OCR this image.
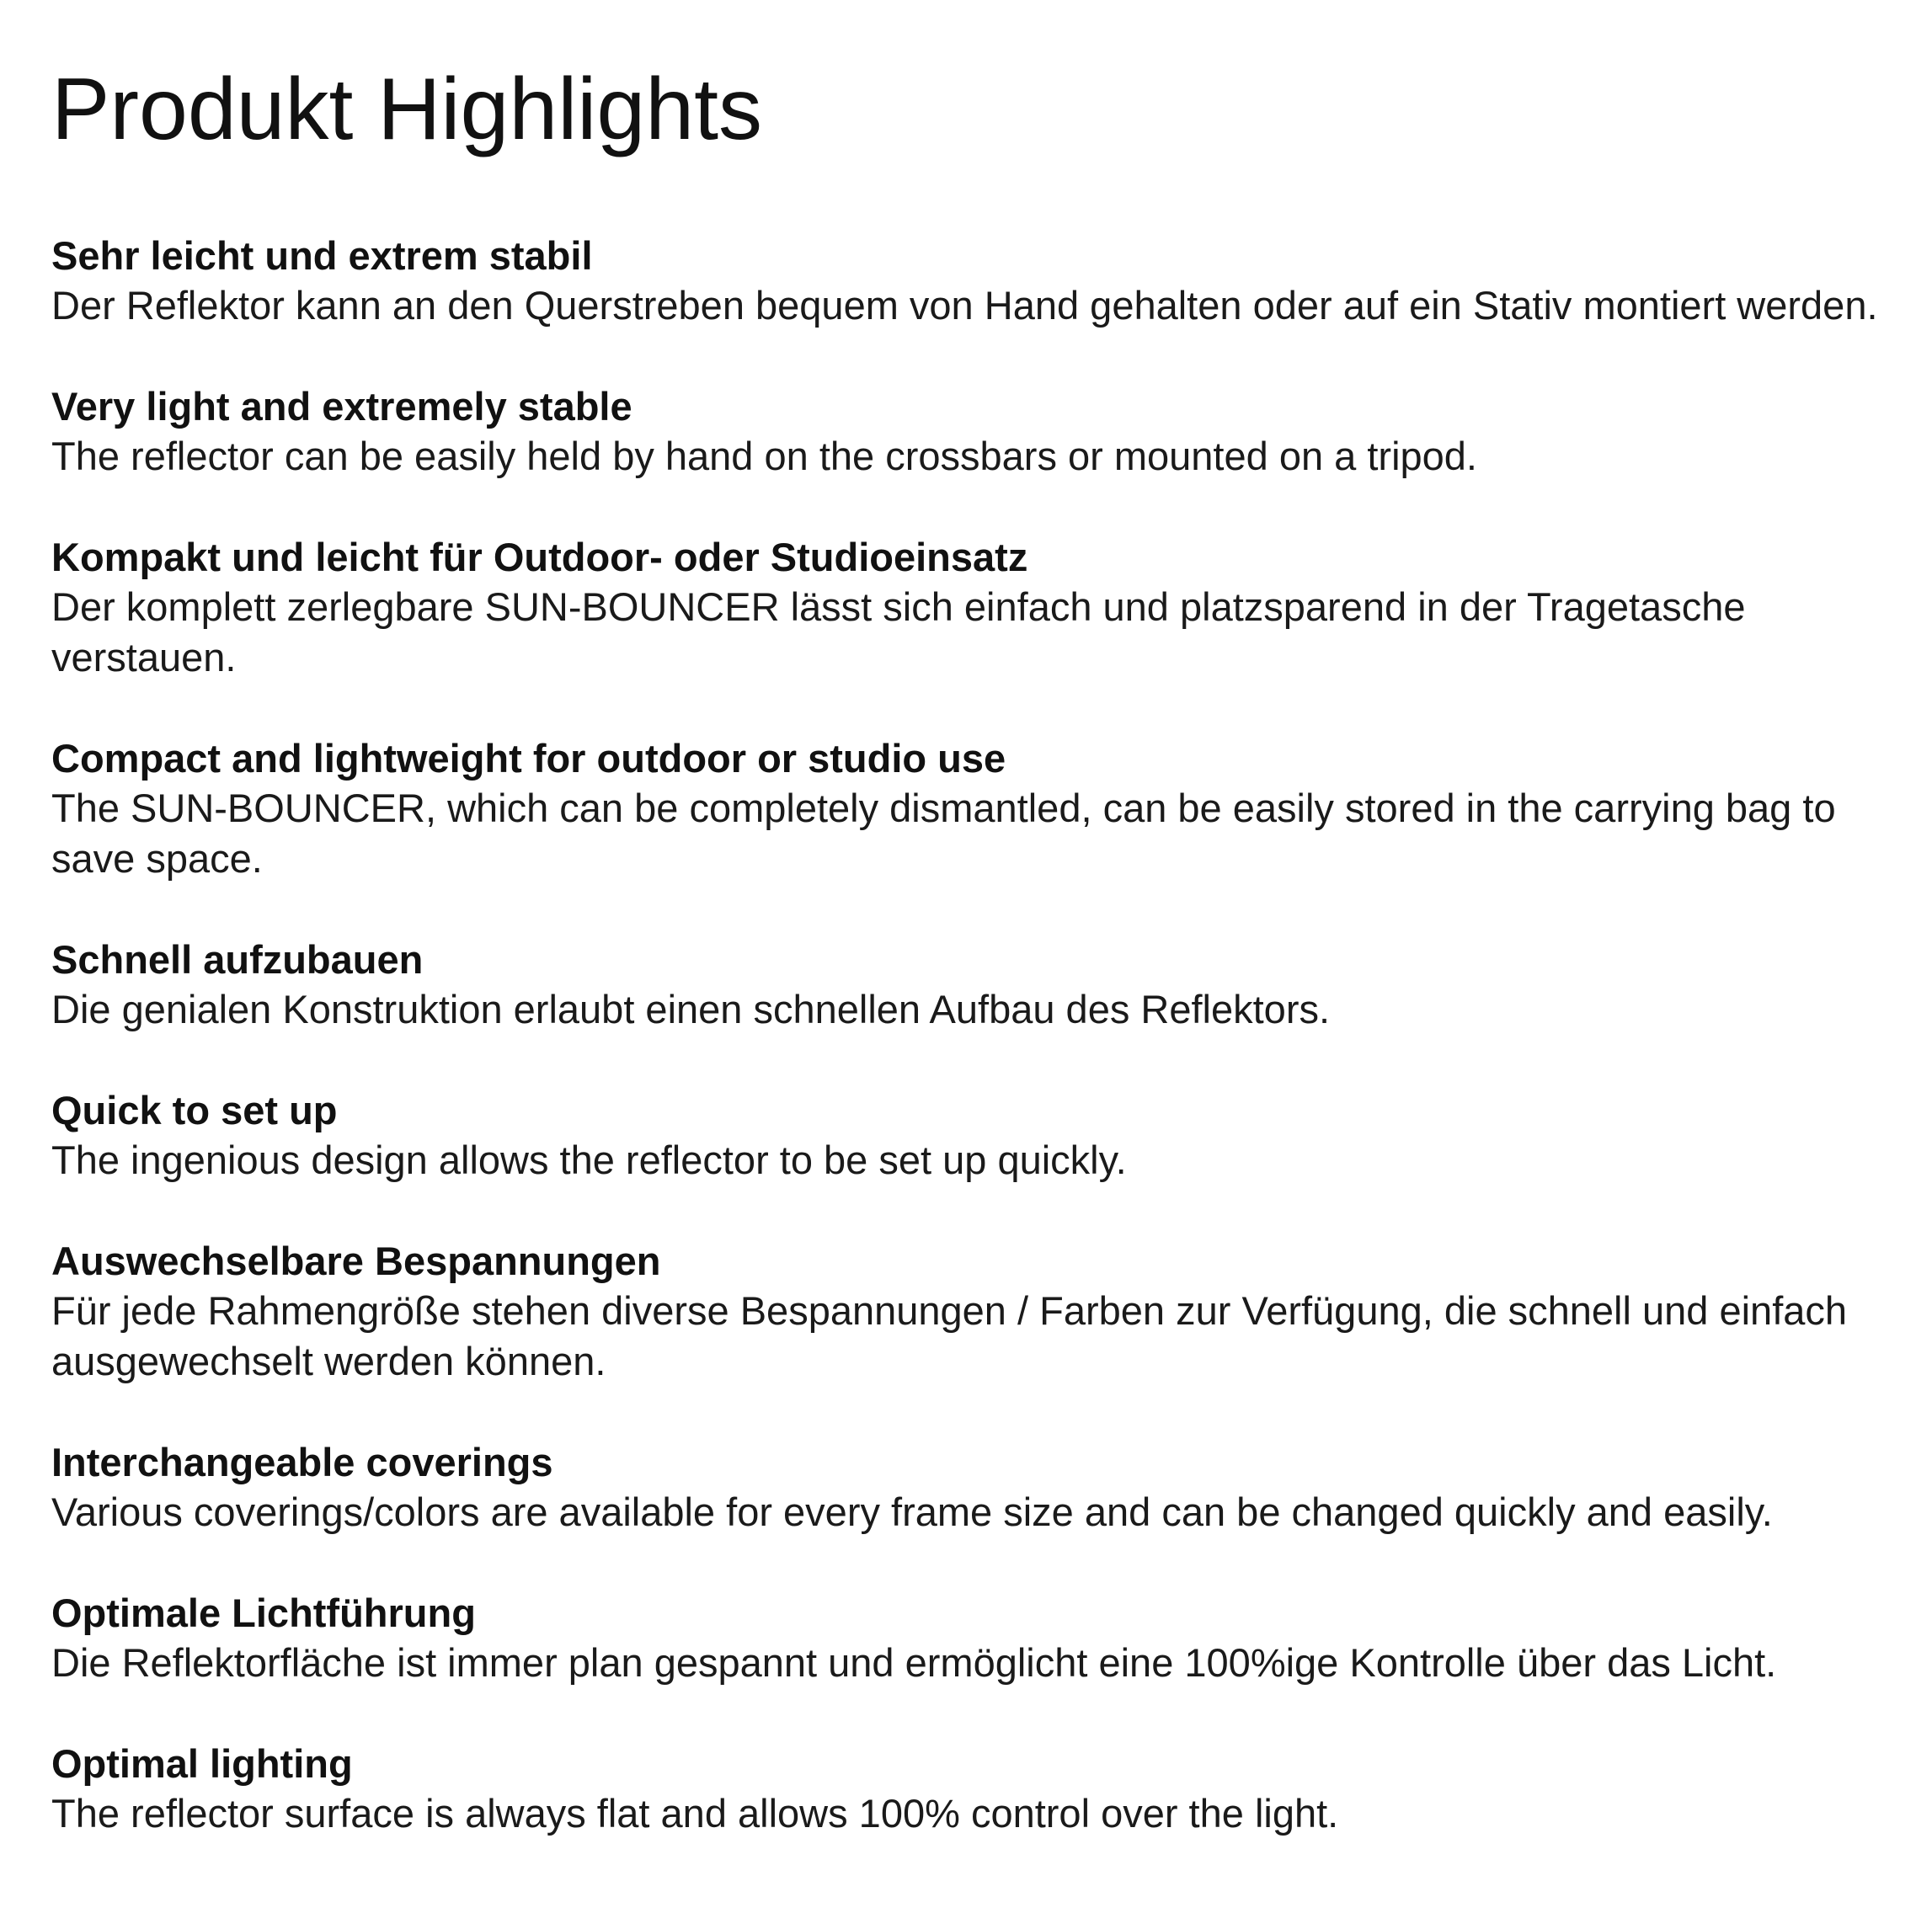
Produkt Highlights

Sehr leicht und extrem stabil

Der Reflektor kann an den Querstreben bequem von Hand gehalten oder auf ein Stativ montiert werden.

Very light and extremely stable

The reflector can be easily held by hand on the crossbars or mounted on a tripod.

Kompakt und leicht für Outdoor- oder Studioeinsatz

Der komplett zerlegbare SUN-BOUNCER lässt sich einfach und platzsparend in der Tragetasche verstauen.

Compact and lightweight for outdoor or studio use

The SUN-BOUNCER, which can be completely dismantled, can be easily stored in the carrying bag to save space.

Schnell aufzubauen

Die genialen Konstruktion erlaubt einen schnellen Aufbau des Reflektors.

Quick to set up

The ingenious design allows the reflector to be set up quickly.

Auswechselbare Bespannungen

Für jede Rahmengröße stehen diverse Bespannungen / Farben zur Verfügung, die schnell und einfach ausgewechselt werden können.

Interchangeable coverings

Various coverings/colors are available for every frame size and can be changed quickly and easily.

Optimale Lichtführung

Die Reflektorfläche ist immer plan gespannt und ermöglicht eine 100%ige Kontrolle über das Licht.

Optimal lighting

The reflector surface is always flat and allows 100% control over the light.
